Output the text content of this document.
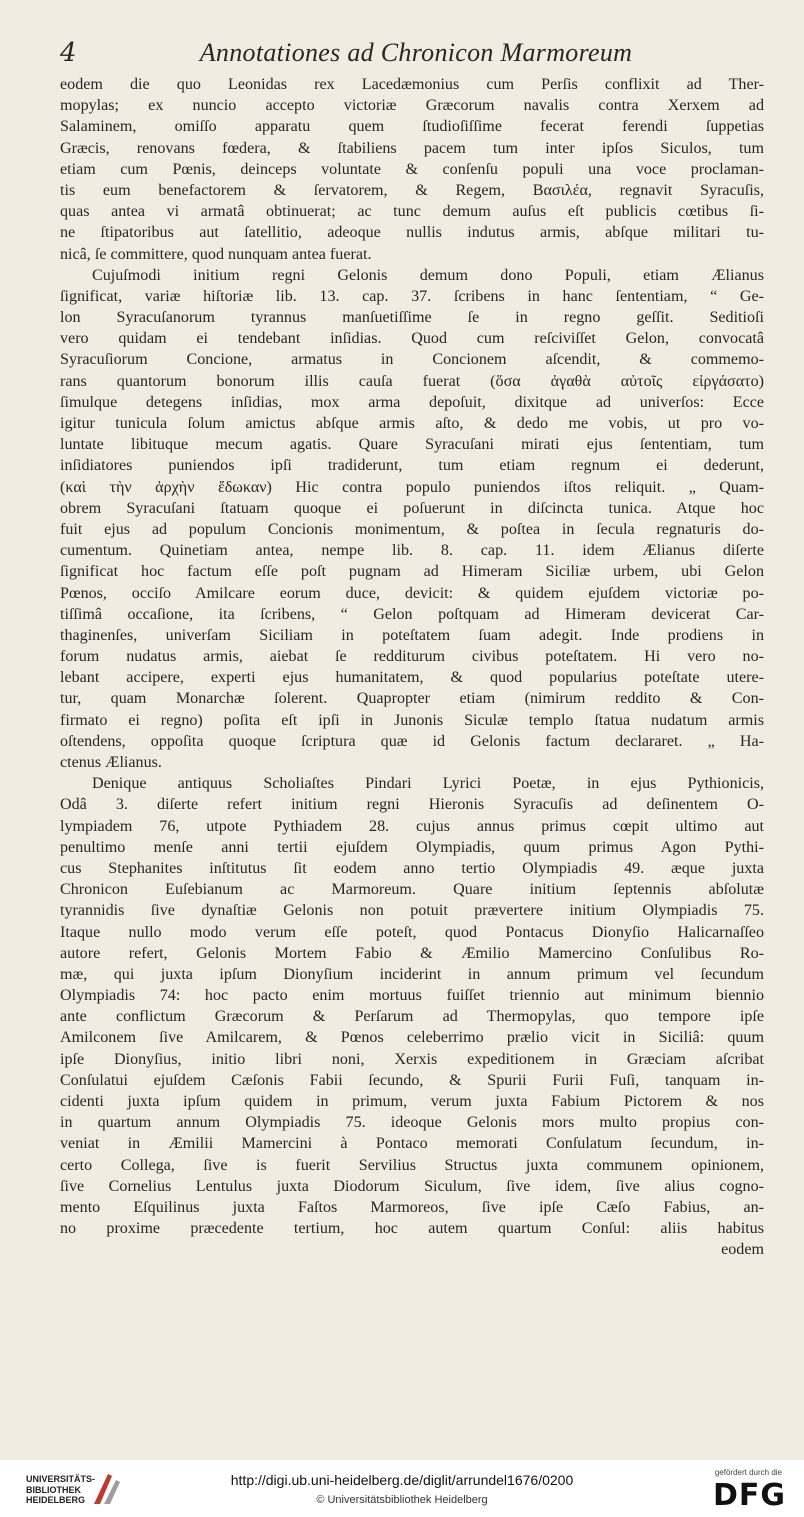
4	Annotationes ad Chronicon Marmoreum
eodem die quo Leonidas rex Lacedæmonius cum Perſis conflixit ad Ther-
mopylas; ex nuncio accepto victoriæ Græcorum navalis contra Xerxem ad
Salaminem, omiſſo apparatu quem ſtudioſiſſime fecerat ferendi ſuppetias
Græcis, renovans fœdera, & ſtabiliens pacem tum inter ipſos Siculos, tum
etiam cum Pœnis, deinceps voluntate & conſenſu populi una voce proclaman-
tis eum benefactorem & ſervatorem, & Regem, Βασιλέα, regnavit Syracuſis,
quas antea vi armatâ obtinuerat; ac tunc demum auſus eſt publicis cœtibus ſi-
ne ſtipatoribus aut ſatellitio, adeoque nullis indutus armis, abſque militari tu-
nicâ, ſe committere, quod nunquam antea fuerat.
Cujuſmodi initium regni Gelonis demum dono Populi, etiam Ælianus
ſignificat, variæ hiſtoriæ lib. 13. cap. 37. ſcribens in hanc ſententiam, “ Ge-
lon Syracuſanorum tyrannus manſuetiſſime ſe in regno geſſit. Seditioſi
vero quidam ei tendebant inſidias. Quod cum reſciviſſet Gelon, convocatâ
Syracuſiorum Concione, armatus in Concionem aſcendit, & commemo-
rans quantorum bonorum illis cauſa fuerat (ὅσα ἀγαθὰ αὐτοῖς εἰργάσατο)
ſimulque detegens inſidias, mox arma depoſuit, dixitque ad univerſos: Ecce
igitur tunicula ſolum amictus abſque armis aſto, & dedo me vobis, ut pro vo-
luntate libituque mecum agatis. Quare Syracuſani mirati ejus ſententiam, tum
inſidiatores puniendos ipſi tradiderunt, tum etiam regnum ei dederunt,
(καὶ τὴν ἀρχὴν ἔδωκαν) Hic contra populo puniendos iſtos reliquit. „ Quam-
obrem Syracuſani ſtatuam quoque ei poſuerunt in diſcincta tunica. Atque hoc
fuit ejus ad populum Concionis monimentum, & poſtea in ſecula regnaturis do-
cumentum. Quinetiam antea, nempe lib. 8. cap. 11. idem Ælianus diſerte
ſignificat hoc factum eſſe poſt pugnam ad Himeram Siciliæ urbem, ubi Gelon
Pœnos, occiſo Amilcare eorum duce, devicit: & quidem ejuſdem victoriæ po-
tiſſimâ occaſione, ita ſcribens, “ Gelon poſtquam ad Himeram devicerat Car-
thaginenſes, univerſam Siciliam in poteſtatem ſuam adegit. Inde prodiens in
forum nudatus armis, aiebat ſe redditurum civibus poteſtatem. Hi vero no-
lebant accipere, experti ejus humanitatem, & quod popularius poteſtate utere-
tur, quam Monarchæ ſolerent. Quapropter etiam (nimirum reddito & Con-
firmato ei regno) poſita eſt ipſi in Junonis Siculæ templo ſtatua nudatum armis
oſtendens, oppoſita quoque ſcriptura quæ id Gelonis factum declararet. „ Ha-
ctenus Ælianus.
Denique antiquus Scholiaſtes Pindari Lyrici Poetæ, in ejus Pythionicis,
Odâ 3. diſerte refert initium regni Hieronis Syracuſis ad deſinentem O-
lympiadem 76, utpote Pythiadem 28. cujus annus primus cœpit ultimo aut
penultimo menſe anni tertii ejuſdem Olympiadis, quum primus Agon Pythi-
cus Stephanites inſtitutus ſit eodem anno tertio Olympiadis 49. æque juxta
Chronicon Euſebianum ac Marmoreum. Quare initium ſeptennis abſolutæ
tyrannidis ſive dynaſtiæ Gelonis non potuit prævertere initium Olympiadis 75.
Itaque nullo modo verum eſſe poteſt, quod Pontacus Dionyſio Halicarnaſſeo
autore refert, Gelonis Mortem Fabio & Æmilio Mamercino Conſulibus Ro-
mæ, qui juxta ipſum Dionyſium inciderint in annum primum vel ſecundum
Olympiadis 74: hoc pacto enim mortuus fuiſſet triennio aut minimum biennio
ante conflictum Græcorum & Perſarum ad Thermopylas, quo tempore ipſe
Amilconem ſive Amilcarem, & Pœnos celeberrimo prælio vicit in Siciliâ: quum
ipſe Dionyſius, initio libri noni, Xerxis expeditionem in Græciam aſcribat
Conſulatui ejuſdem Cæſonis Fabii ſecundo, & Spurii Furii Fuſi, tanquam in-
cidenti juxta ipſum quidem in primum, verum juxta Fabium Pictorem & nos
in quartum annum Olympiadis 75. ideoque Gelonis mors multo propius con-
veniat in Æmilii Mamercini à Pontaco memorati Conſulatum ſecundum, in-
certo Collega, ſive is fuerit Servilius Structus juxta communem opinionem,
ſive Cornelius Lentulus juxta Diodorum Siculum, ſive idem, ſive alius cogno-
mento Eſquilinus juxta Faſtos Marmoreos, ſive ipſe Cæſo Fabius, an-
no proxime præcedente tertium, hoc autem quartum Conſul: aliis habitus
eodem
UNIVERSITÄTS-
BIBLIOTHEK
HEIDELBERG
http://digi.ub.uni-heidelberg.de/diglit/arrundel1676/0200
© Universitätsbibliothek Heidelberg
gefördert durch die
DFG
